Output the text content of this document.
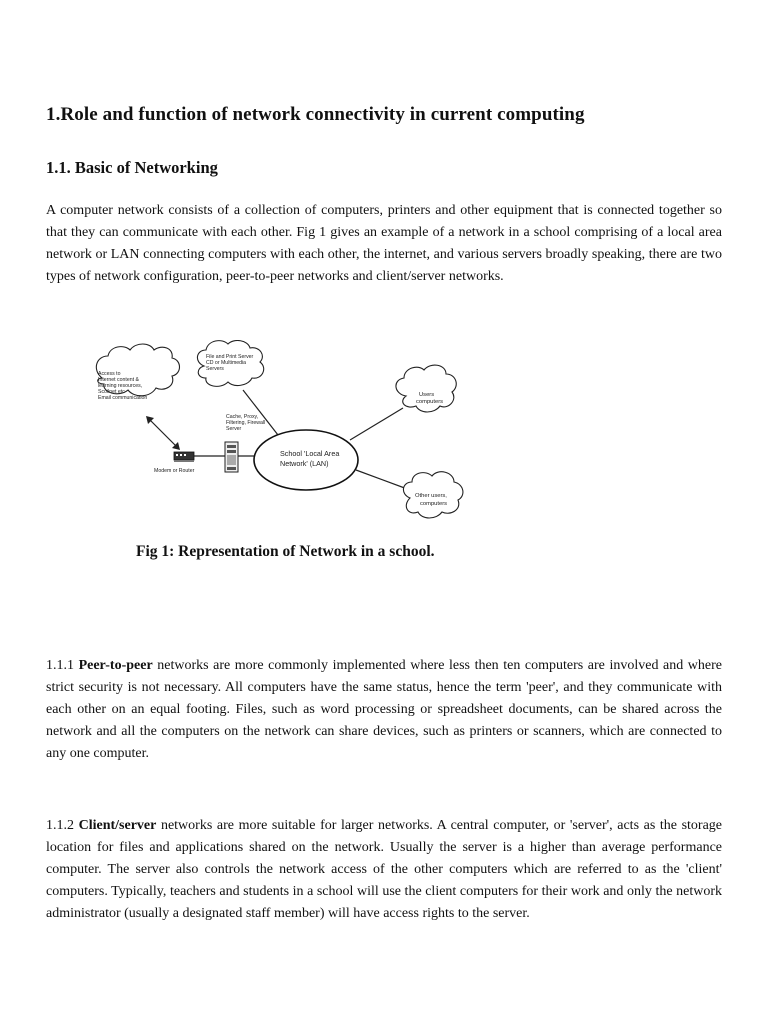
1.Role and function of network connectivity in current computing
1.1. Basic of Networking

A computer network consists of a collection of computers, printers and other equipment that is connected together so that they can communicate with each other. Fig 1 gives an example of a network in a school comprising of a local area network or LAN connecting computers with each other, the internet, and various servers broadly speaking, there are two types of network configuration, peer-to-peer networks and client/server networks.

Access to
Internet content &
learning resources,
Scoilnet etc
Email communication
File and Print Server
CD or Multimedia
Servers
Cache, Proxy,
Filtering, Firewall
Server
Users
computers
Other users,
computers
Modem or Router
School 'Local Area
Network' (LAN)
Fig 1: Representation of Network in a school.

1.1.1 Peer-to-peer networks are more commonly implemented where less then ten computers are involved and where strict security is not necessary. All computers have the same status, hence the term 'peer', and they communicate with each other on an equal footing. Files, such as word processing or spreadsheet documents, can be shared across the network and all the computers on the network can share devices, such as printers or scanners, which are connected to any one computer.

1.1.2 Client/server networks are more suitable for larger networks. A central computer, or 'server', acts as the storage location for files and applications shared on the network. Usually the server is a higher than average performance computer. The server also controls the network access of the other computers which are referred to as the 'client' computers. Typically, teachers and students in a school will use the client computers for their work and only the network administrator (usually a designated staff member) will have access rights to the server.
